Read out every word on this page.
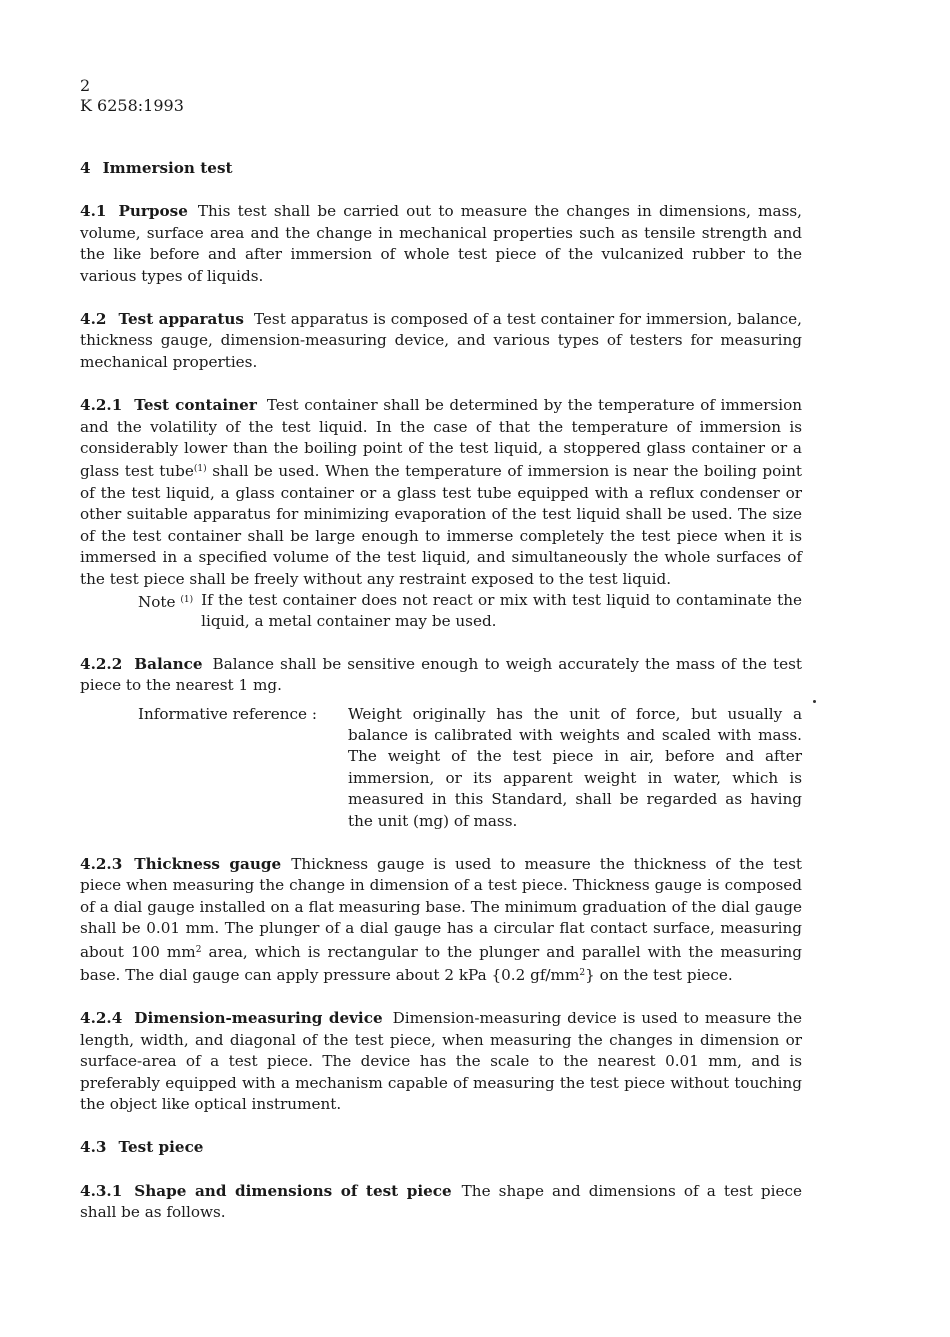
2

K 6258:1993

4 Immersion test

4.1 Purpose This test shall be carried out to measure the changes in dimensions, mass, volume, surface area and the change in mechanical properties such as tensile strength and the like before and after immersion of whole test piece of the vulcanized rubber to the various types of liquids.

4.2 Test apparatus Test apparatus is composed of a test container for immersion, balance, thickness gauge, dimension-measuring device, and various types of testers for measuring mechanical properties.

4.2.1 Test container Test container shall be determined by the temperature of immersion and the volatility of the test liquid. In the case of that the temperature of immersion is considerably lower than the boiling point of the test liquid, a stoppered glass container or a glass test tube$^{(1)}$ shall be used. When the temperature of immersion is near the boiling point of the test liquid, a glass container or a glass test tube equipped with a reflux condenser or other suitable apparatus for minimizing evaporation of the test liquid shall be used. The size of the test container shall be large enough to immerse completely the test piece when it is immersed in a specified volume of the test liquid, and simultaneously the whole surfaces of the test piece shall be freely without any restraint exposed to the test liquid.

Note $^{(1)}$ If the test container does not react or mix with test liquid to contaminate the liquid, a metal container may be used.

4.2.2 Balance Balance shall be sensitive enough to weigh accurately the mass of the test piece to the nearest 1 mg.

Informative reference :	Weight originally has the unit of force, but usually a balance is calibrated with weights and scaled with mass. The weight of the test piece in air, before and after immersion, or its apparent weight in water, which is measured in this Standard, shall be regarded as having the unit (mg) of mass.

4.2.3 Thickness gauge Thickness gauge is used to measure the thickness of the test piece when measuring the change in dimension of a test piece. Thickness gauge is composed of a dial gauge installed on a flat measuring base. The minimum graduation of the dial gauge shall be 0.01 mm. The plunger of a dial gauge has a circular flat contact surface, measuring about 100 mm$^2$ area, which is rectangular to the plunger and parallel with the measuring base. The dial gauge can apply pressure about 2 kPa {0.2 gf/mm$^2$} on the test piece.

4.2.4 Dimension-measuring device Dimension-measuring device is used to measure the length, width, and diagonal of the test piece, when measuring the changes in dimension or surface-area of a test piece. The device has the scale to the nearest 0.01 mm, and is preferably equipped with a mechanism capable of measuring the test piece without touching the object like optical instrument.

4.3 Test piece

4.3.1 Shape and dimensions of test piece The shape and dimensions of a test piece shall be as follows.
